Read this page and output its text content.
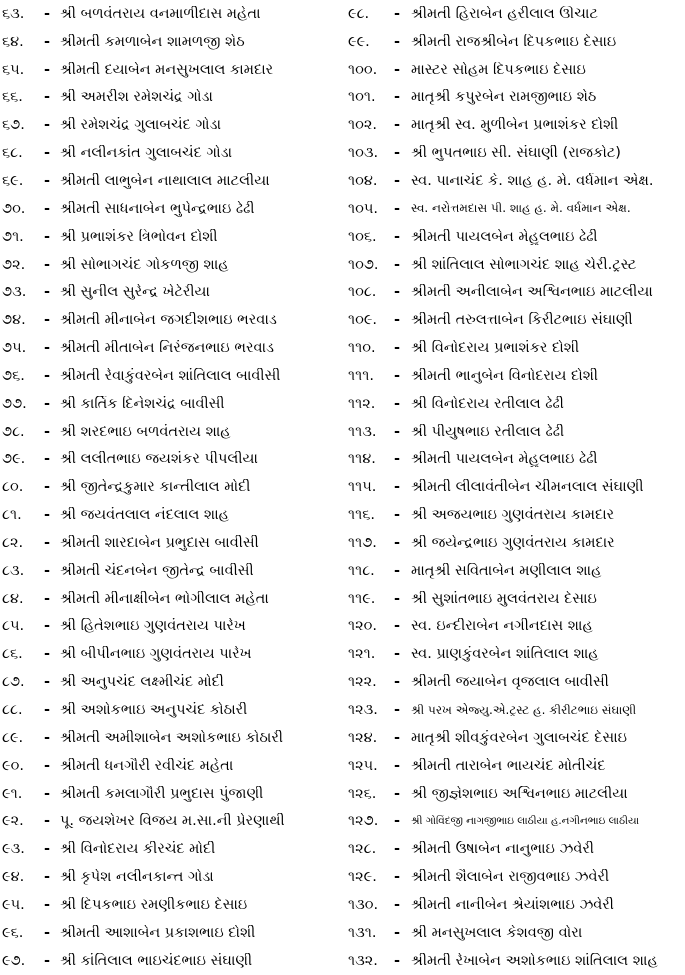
૬૩.	- શ્રી બળવંતરાય વનમાળીદાસ મહેતા
૬૪.	- શ્રીમતી કમળાબેન શામળજી શેઠ
૬૫.	- શ્રીમતી દયાબેન મનસુખલાલ કામદાર
૬૬.	- શ્રી અમરીશ રમેશચંદ્ર ગોડા
૬૭.	- શ્રી રમેશચંદ્ર ગુલાબચંદ ગોડા
૬૮.	- શ્રી નલીનકાંત ગુલાબચંદ ગોડા
૬૯.	- શ્રીમતી લાભુબેન નાથાલાલ માટલીયા
૭૦.	- શ્રીમતી સાધનાબેન ભુપેન્દ્રભાઇ ઢેઢી
૭૧.	- શ્રી પ્રભાશંકર ત્રિભોવન દોશી
૭૨.	- શ્રી સોભાગચંદ ગોકળજી શાહ
૭૩.	- શ્રી સુનીલ સુરેન્દ્ર ખેટેરીયા
૭૪.	- શ્રીમતી મીનાબેન જગદીશભાઇ ભરવાડ
૭૫.	- શ્રીમતી મીતાબેન નિરંજનભાઇ ભરવાડ
૭૬.	- શ્રીમતી રેવાકુંવરબેન શાંતિલાલ બાવીસી
૭૭.	- શ્રી કાર્તિક દિનેશચંદ્ર બાવીસી
૭૮.	- શ્રી શરદભાઇ બળવંતરાય શાહ
૭૯.	- શ્રી લલીતભાઇ જયશંકર પીપલીયા
૮૦.	- શ્રી જીતેન્દ્રકુમાર કાન્તીલાલ મોદી
૮૧.	- શ્રી જયવંતલાલ નંદલાલ શાહ
૮૨.	- શ્રીમતી શારદાબેન પ્રભુદાસ બાવીસી
૮૩.	- શ્રીમતી ચંદનબેન જીતેન્દ્ર બાવીસી
૮૪.	- શ્રીમતી મીનાક્ષીબેન ભોગીલાલ મહેતા
૮૫.	- શ્રી હિતેશભાઇ ગુણવંતરાય પારેખ
૮૬.	- શ્રી બીપીનભાઇ ગુણવંતરાય પારેખ
૮૭.	- શ્રી અનુપચંદ લક્ષ્મીચંદ મોદી
૮૮.	- શ્રી અશોકભાઇ અનુપચંદ કોઠારી
૮૯.	- શ્રીમતી અમીશાબેન અશોકભાઇ કોઠારી
૯૦.	- શ્રીમતી ધનગૌરી રવીચંદ મહેતા
૯૧.	- શ્રીમતી કમલાગૌરી પ્રભુદાસ પુંજાણી
૯૨.	- પૂ. જયશેખર વિજય મ.સા.ની પ્રેરણાથી
૯૩.	- શ્રી વિનોદરાય કીરચંદ મોદી
૯૪.	- શ્રી કૃપેશ નલીનકાન્ત ગોડા
૯૫.	- શ્રી દિપકભાઇ રમણીકભાઇ દેસાઇ
૯૬.	- શ્રીમતી આશાબેન પ્રકાશભાઇ દોશી
૯૭.	- શ્રી કાંતિલાલ ભાઇચંદભાઇ સંઘાણી
૯૮.	- શ્રીમતી હિરાબેન હરીલાલ ઊંચાટ
૯૯.	- શ્રીમતી રાજશ્રીબેન દિપકભાઇ દેસાઇ
૧૦૦.	- માસ્ટર સોહમ દિપકભાઇ દેસાઇ
૧૦૧.	- માતૃશ્રી કપુરબેન રામજીભાઇ શેઠ
૧૦૨.	- માતૃશ્રી સ્વ. મુળીબેન પ્રભાશંકર દોશી
૧૦૩.	- શ્રી ભુપતભાઇ સી. સંઘાણી (રાજકોટ)
૧૦૪.	- સ્વ. પાનાચંદ કે. શાહ હ. મે. વર્ધમાન એક્ષ.
૧૦૫.	- સ્વ. નરોત્તમદાસ પી. શાહ હ. મે. વર્ધમાન એક્ષ.
૧૦૬.	- શ્રીમતી પાયલબેન મેહુલભાઇ ઢેઢી
૧૦૭.	- શ્રી શાંતિલાલ સોભાગચંદ શાહ ચેરી.ટ્રસ્ટ
૧૦૮.	- શ્રીમતી અનીલાબેન અશ્વિનભાઇ માટલીયા
૧૦૯.	- શ્રીમતી તરુલત્તાબેન કિરીટભાઇ સંઘાણી
૧૧૦.	- શ્રી વિનોદરાય પ્રભાશંકર દોશી
૧૧૧.	- શ્રીમતી ભાનુબેન વિનોદરાય દોશી
૧૧૨.	- શ્રી વિનોદરાય રતીલાલ ઢેઢી
૧૧૩.	- શ્રી પીયુષભાઇ રતીલાલ ઢેઢી
૧૧૪.	- શ્રીમતી પાયલબેન મેહુલભાઇ ઢેઢી
૧૧૫.	- શ્રીમતી લીલાવંતીબેન ચીમનલાલ સંઘાણી
૧૧૬.	- શ્રી અજયભાઇ ગુણવંતરાય કામદાર
૧૧૭.	- શ્રી જયેન્દ્રભાઇ ગુણવંતરાય કામદાર
૧૧૮.	- માતૃશ્રી સવિતાબેન મણીલાલ શાહ
૧૧૯.	- શ્રી સુશાંતભાઇ મુલવંતરાય દેસાઇ
૧૨૦.	- સ્વ. ઇન્દીરાબેન નગીનદાસ શાહ
૧૨૧.	- સ્વ. પ્રાણકુંવરબેન શાંતિલાલ શાહ
૧૨૨.	- શ્રીમતી જયાબેન વૃજલાલ બાવીસી
૧૨૩.	- શ્રી પરખ એજ્યુ.એ.ટ્રસ્ટ હ. કીરીટભાઇ સંઘાણી
૧૨૪.	- માતૃશ્રી શીવકુંવરબેન ગુલાબચંદ દેસાઇ
૧૨૫.	- શ્રીમતી તારાબેન ભાયચંદ મોતીચંદ
૧૨૬.	- શ્રી જીજ્ઞેશભાઇ અશ્વિનભાઇ માટલીયા
૧૨૭.	- શ્રી ગોવિંદજી નાગજીભાઇ લાઠીયા હ.નગીનભાઇ લાઠીયા
૧૨૮.	- શ્રીમતી ઉષાબેન નાનુભાઇ ઝવેરી
૧૨૯.	- શ્રીમતી શૈલાબેન રાજીવભાઇ ઝવેરી
૧૩૦.	- શ્રીમતી નાનીબેન શ્રેયાંશભાઇ ઝવેરી
૧૩૧.	- શ્રી મનસુખલાલ કેશવજી વોરા
૧૩૨.	- શ્રીમતી રેખાબેન અશોકભાઇ શાંતિલાલ શાહ
